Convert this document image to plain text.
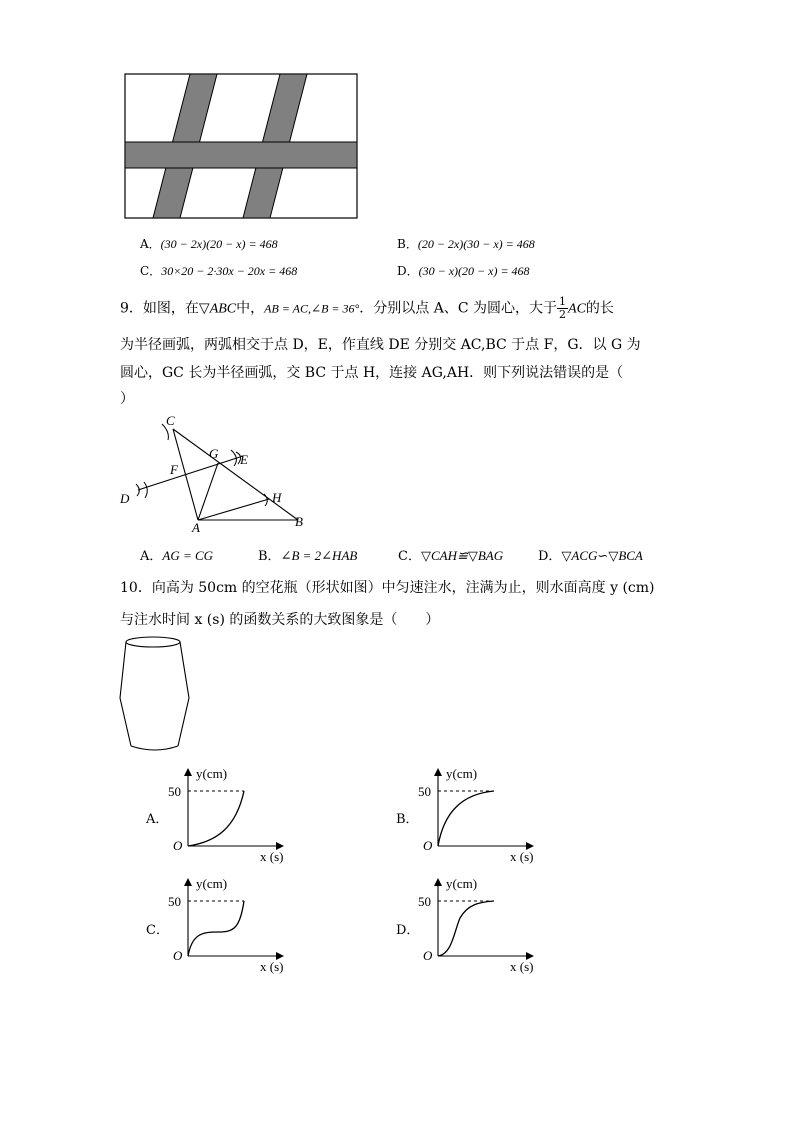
A．(30 − 2x)(20 − x) = 468	B．(20 − 2x)(30 − x) = 468
C．30×20 − 2·30x − 20x = 468	D．(30 − x)(20 − x) = 468
9．如图，在▽ABC中，AB = AC,∠B = 36°．分别以点 A、C 为圆心，大于 $\frac{1}{2}$ AC的长
为半径画弧，两弧相交于点 D，E，作直线 DE 分别交 AC,BC 于点 F，G．以 G 为
圆心，GC 长为半径画弧，交 BC 于点 H，连接 AG,AH．则下列说法错误的是（
）
C
G E
F
D	H
A	B
A．AG = CG	B．∠B = 2∠HAB	C．▽CAH≌▽BAG	D．▽ACG∽▽BCA
10．向高为 50cm 的空花瓶（形状如图）中匀速注水，注满为止，则水面高度 y (cm)
与注水时间 x (s) 的函数关系的大致图象是（　　）
A．
y(cm)
50
O
x (s)
B．
y(cm)
50
O
x (s)
C．
y(cm)
50
O
x (s)
D．
y(cm)
50
O
x (s)
